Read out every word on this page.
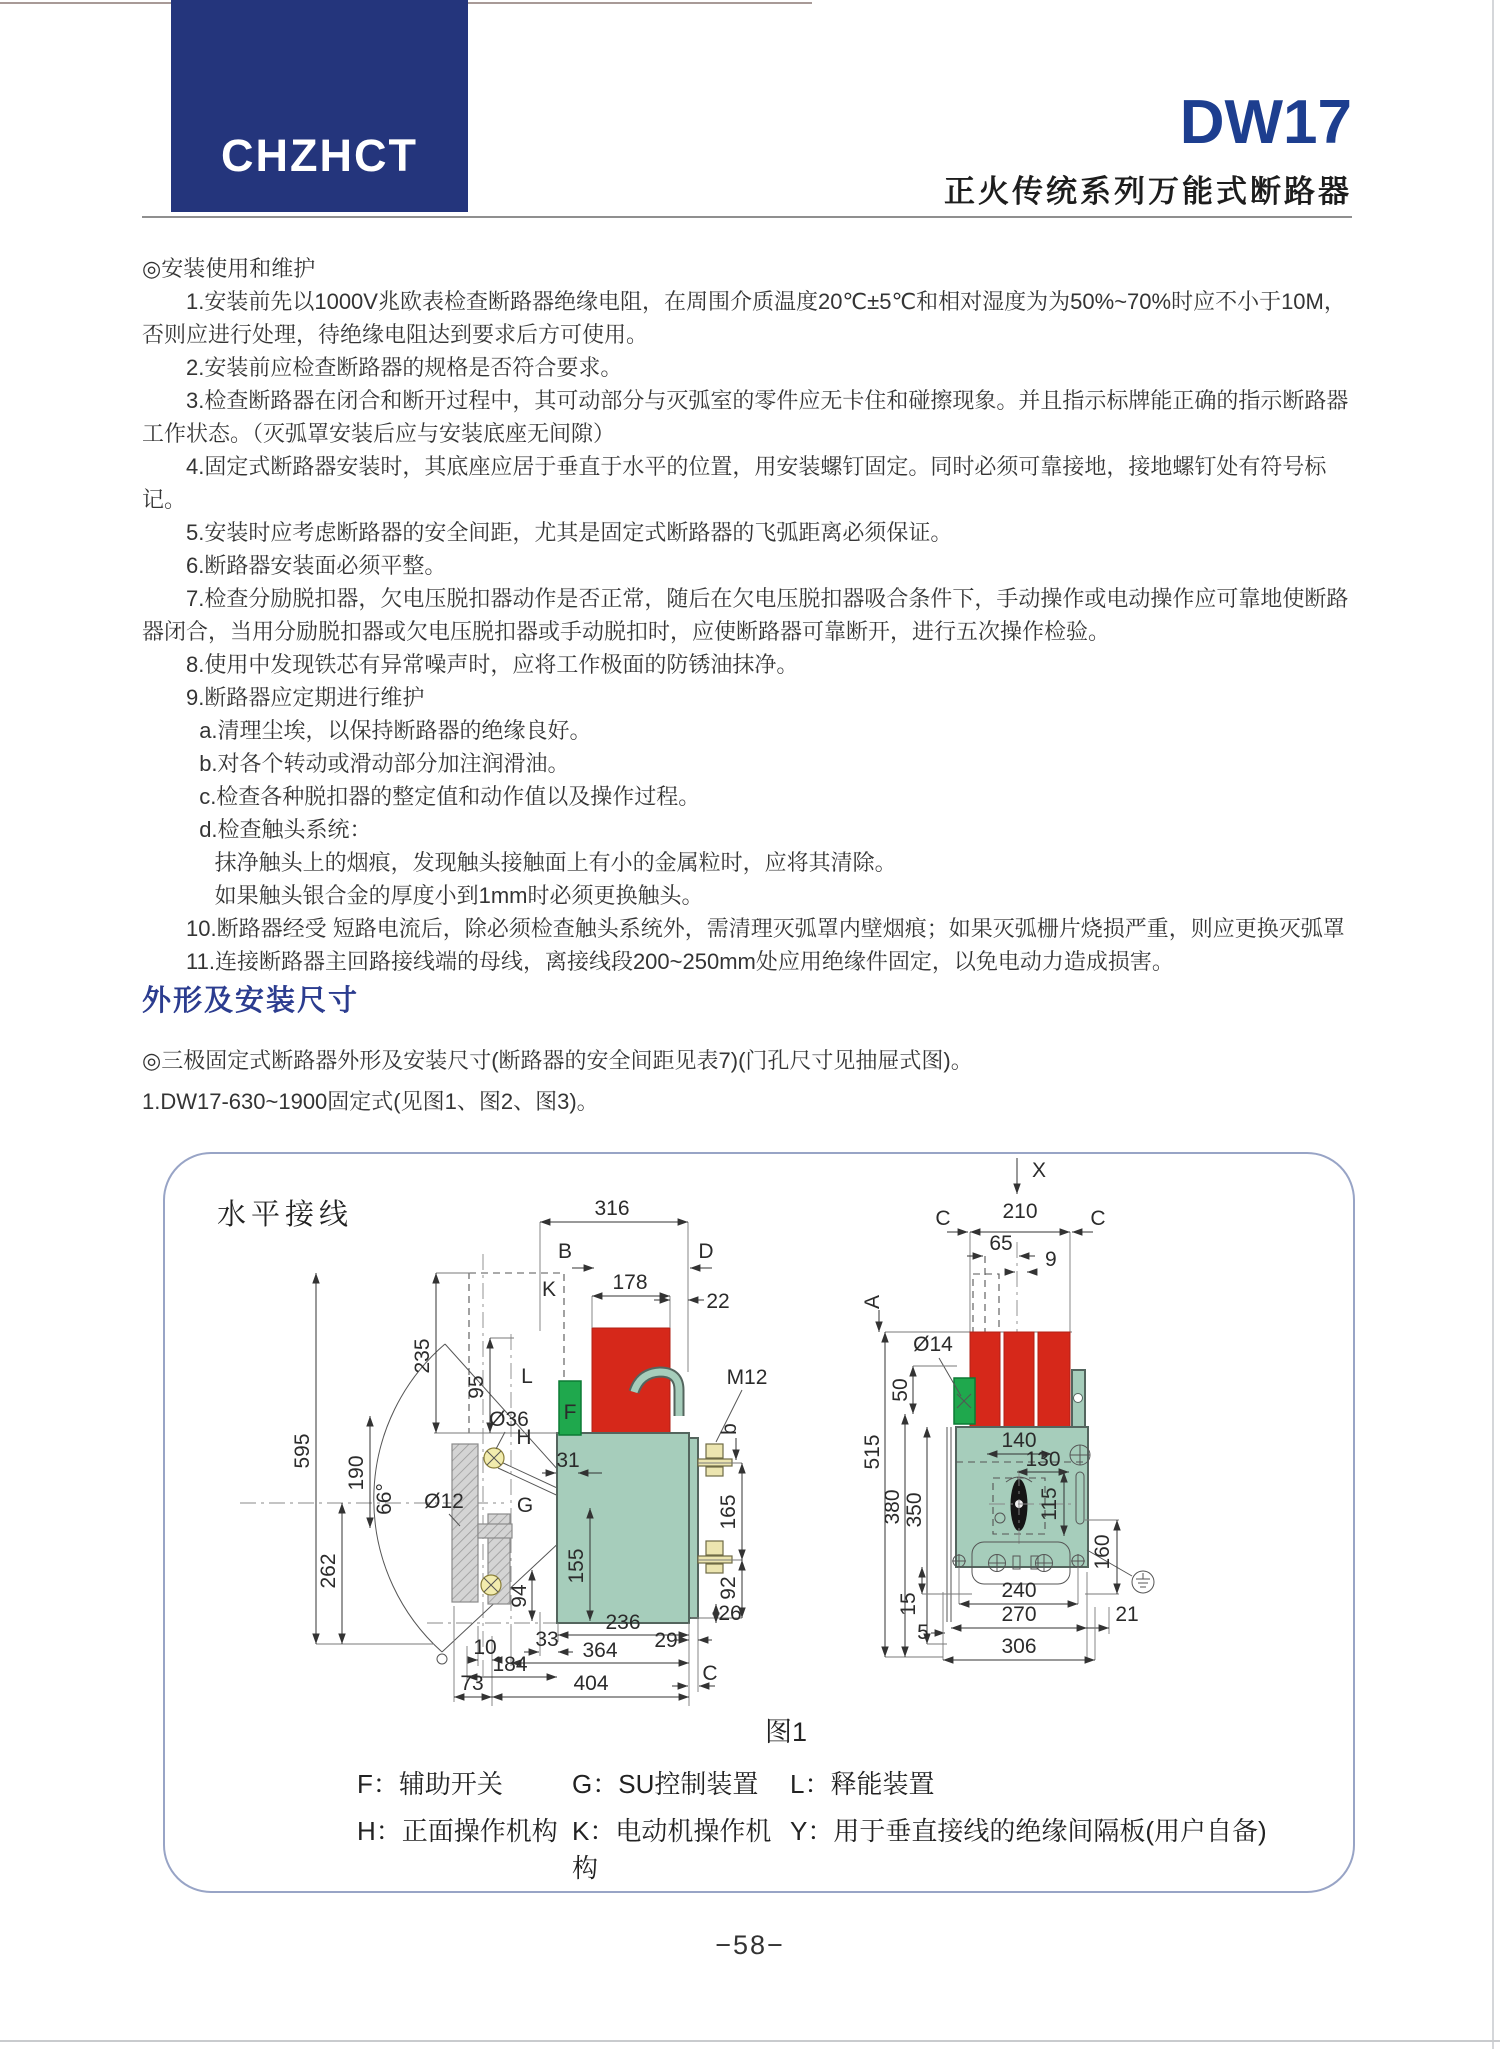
CHZHCT	DW17
正火传统系列万能式断路器

◎安装使用和维护

1.安装前先以1000V兆欧表检查断路器绝缘电阻，在周围介质温度20℃±5℃和相对湿度为为50%~70%时应不小于10M，否则应进行处理，待绝缘电阻达到要求后方可使用。

2.安装前应检查断路器的规格是否符合要求。

3.检查断路器在闭合和断开过程中，其可动部分与灭弧室的零件应无卡住和碰擦现象。并且指示标牌能正确的指示断路器工作状态。（灭弧罩安装后应与安装底座无间隙）

4.固定式断路器安装时，其底座应居于垂直于水平的位置，用安装螺钉固定。同时必须可靠接地，接地螺钉处有符号标记。

5.安装时应考虑断路器的安全间距，尤其是固定式断路器的飞弧距离必须保证。

6.断路器安装面必须平整。

7.检查分励脱扣器，欠电压脱扣器动作是否正常，随后在欠电压脱扣器吸合条件下，手动操作或电动操作应可靠地使断路器闭合，当用分励脱扣器或欠电压脱扣器或手动脱扣时，应使断路器可靠断开，进行五次操作检验。

8.使用中发现铁芯有异常噪声时，应将工作极面的防锈油抹净。

9.断路器应定期进行维护

a.清理尘埃，以保持断路器的绝缘良好。

b.对各个转动或滑动部分加注润滑油。

c.检查各种脱扣器的整定值和动作值以及操作过程。

d.检查触头系统：

抹净触头上的烟痕，发现触头接触面上有小的金属粒时，应将其清除。

如果触头银合金的厚度小到1mm时必须更换触头。

10.断路器经受 短路电流后，除必须检查触头系统外，需清理灭弧罩内壁烟痕；如果灭弧栅片烧损严重，则应更换灭弧罩

11.连接断路器主回路接线端的母线，离接线段200~250mm处应用绝缘件固定，以免电动力造成损害。

外形及安装尺寸
◎三极固定式断路器外形及安装尺寸(断路器的安全间距见表7)(门孔尺寸见抽屉式图)。
1.DW17-630~1900固定式(见图1、图2、图3)。
水平接线
F
316
B	D
K	178
22
235
95 L
Ø36
H
M12
b
595
190
66° Ø12	G
31
262	155
94
165
92
26
236
29
33 364
10
184	C
73	404
X
C 210	C
65
9
A
Ø14
515
50
380 350
15
5
140
130
115
160
240
270	21
306
图1
F：辅助开关	G：SU控制装置	L：释能装置
H：正面操作机构 K：电动机操作机构
Y：用于垂直接线的绝缘间隔板(用户自备)
−58−
